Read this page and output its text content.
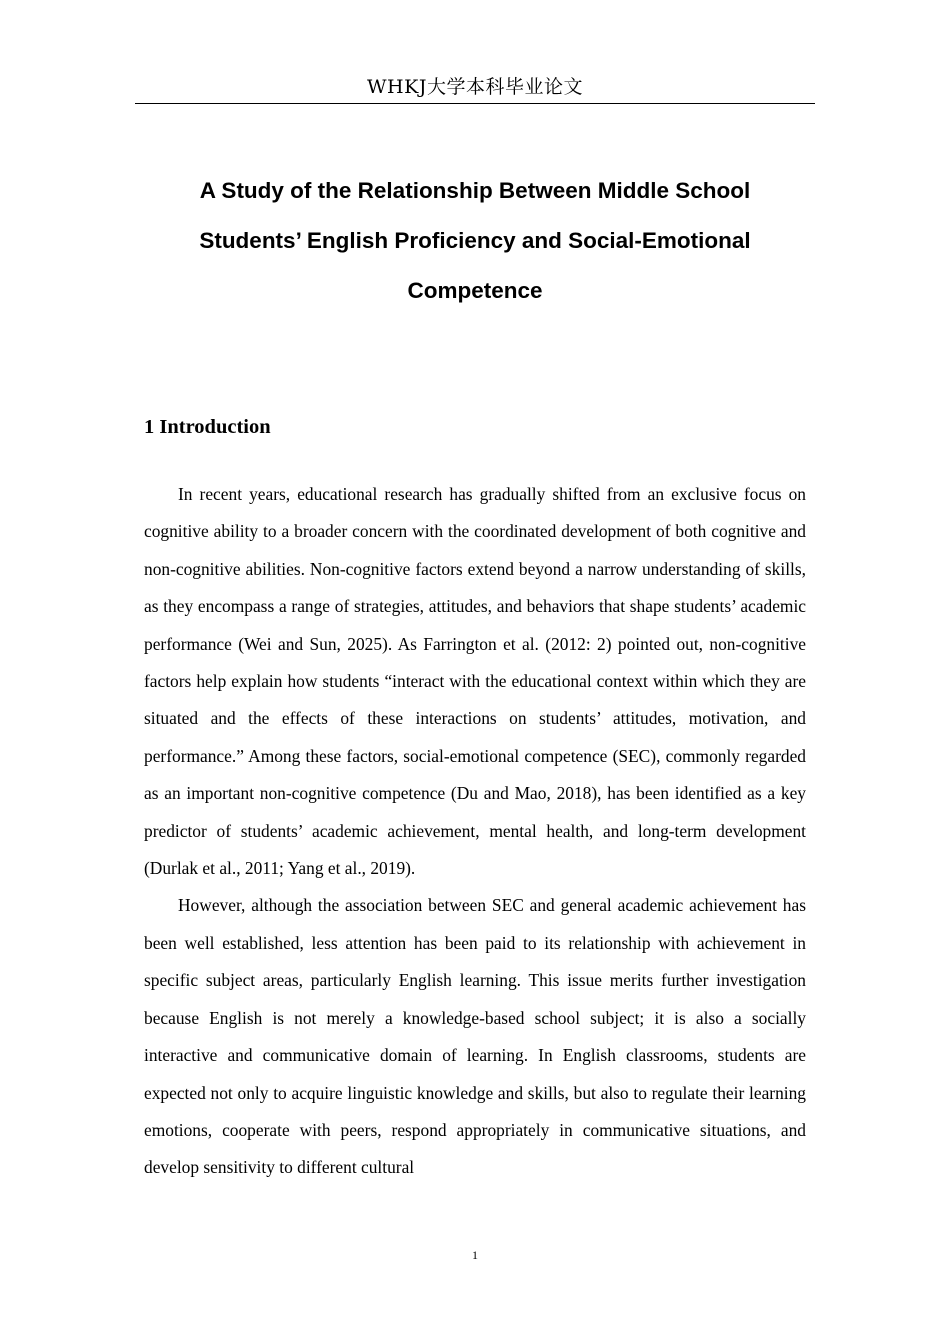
WHKJ大学本科毕业论文
A Study of the Relationship Between Middle School Students’ English Proficiency and Social-Emotional Competence
1 Introduction

In recent years, educational research has gradually shifted from an exclusive focus on cognitive ability to a broader concern with the coordinated development of both cognitive and non-cognitive abilities. Non-cognitive factors extend beyond a narrow understanding of skills, as they encompass a range of strategies, attitudes, and behaviors that shape students’ academic performance (Wei and Sun, 2025). As Farrington et al. (2012: 2) pointed out, non-cognitive factors help explain how students “interact with the educational context within which they are situated and the effects of these interactions on students’ attitudes, motivation, and performance.” Among these factors, social-emotional competence (SEC), commonly regarded as an important non-cognitive competence (Du and Mao, 2018), has been identified as a key predictor of students’ academic achievement, mental health, and long-term development (Durlak et al., 2011; Yang et al., 2019).

However, although the association between SEC and general academic achievement has been well established, less attention has been paid to its relationship with achievement in specific subject areas, particularly English learning. This issue merits further investigation because English is not merely a knowledge-based school subject; it is also a socially interactive and communicative domain of learning. In English classrooms, students are expected not only to acquire linguistic knowledge and skills, but also to regulate their learning emotions, cooperate with peers, respond appropriately in communicative situations, and develop sensitivity to different cultural

1
